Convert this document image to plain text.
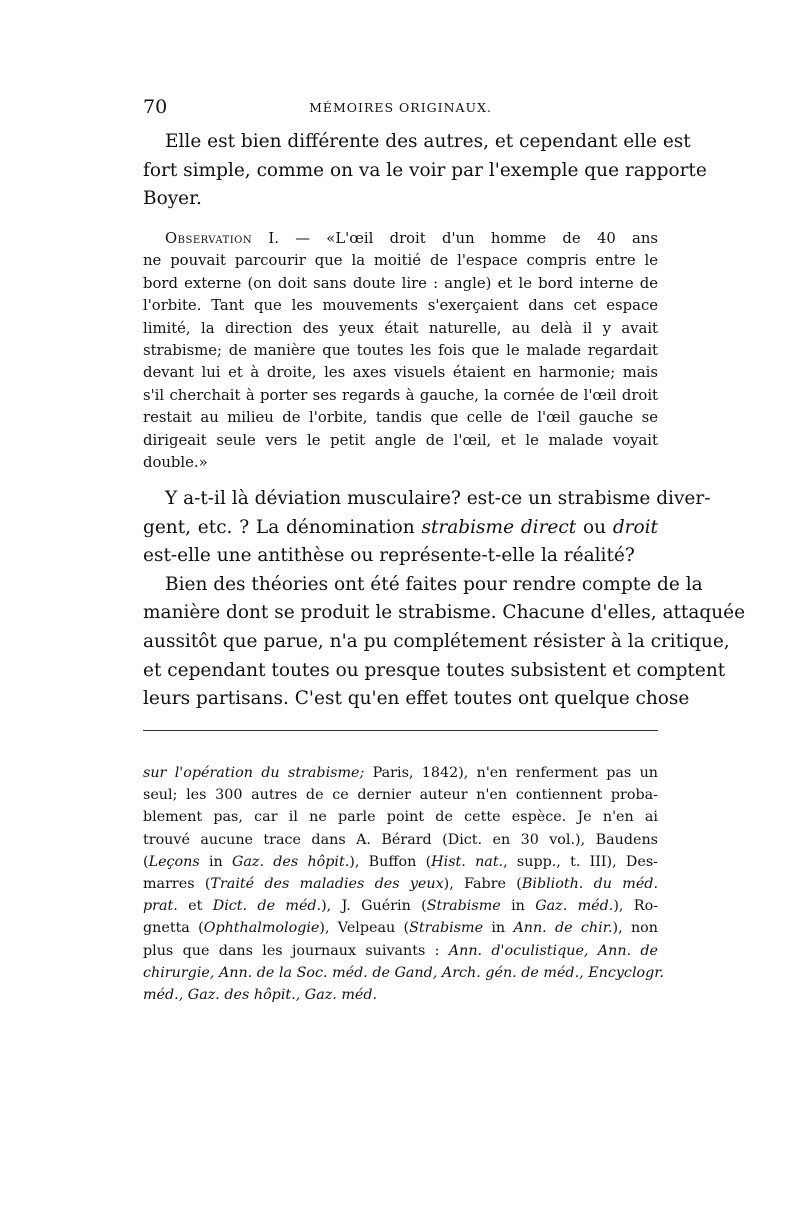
70	MÉMOIRES ORIGINAUX.
Elle est bien différente des autres, et cependant elle est
fort simple, comme on va le voir par l'exemple que rapporte
Boyer.
Observation I. — «L'œil droit d'un homme de 40 ans
ne pouvait parcourir que la moitié de l'espace compris entre le
bord externe (on doit sans doute lire : angle) et le bord interne de
l'orbite. Tant que les mouvements s'exerçaient dans cet espace
limité, la direction des yeux était naturelle, au delà il y avait
strabisme; de manière que toutes les fois que le malade regardait
devant lui et à droite, les axes visuels étaient en harmonie; mais
s'il cherchait à porter ses regards à gauche, la cornée de l'œil droit
restait au milieu de l'orbite, tandis que celle de l'œil gauche se
dirigeait seule vers le petit angle de l'œil, et le malade voyait
double.»
Y a-t-il là déviation musculaire? est-ce un strabisme diver-
gent, etc. ? La dénomination strabisme direct ou droit
est-elle une antithèse ou représente-t-elle la réalité?
Bien des théories ont été faites pour rendre compte de la
manière dont se produit le strabisme. Chacune d'elles, attaquée
aussitôt que parue, n'a pu complétement résister à la critique,
et cependant toutes ou presque toutes subsistent et comptent
leurs partisans. C'est qu'en effet toutes ont quelque chose
sur l'opération du strabisme; Paris, 1842), n'en renferment pas un
seul; les 300 autres de ce dernier auteur n'en contiennent proba-
blement pas, car il ne parle point de cette espèce. Je n'en ai
trouvé aucune trace dans A. Bérard (Dict. en 30 vol.), Baudens
(Leçons in Gaz. des hôpit.), Buffon (Hist. nat., supp., t. III), Des-
marres (Traité des maladies des yeux), Fabre (Biblioth. du méd.
prat. et Dict. de méd.), J. Guérin (Strabisme in Gaz. méd.), Ro-
gnetta (Ophthalmologie), Velpeau (Strabisme in Ann. de chir.), non
plus que dans les journaux suivants : Ann. d'oculistique, Ann. de
chirurgie, Ann. de la Soc. méd. de Gand, Arch. gén. de méd., Encyclogr.
méd., Gaz. des hôpit., Gaz. méd.
